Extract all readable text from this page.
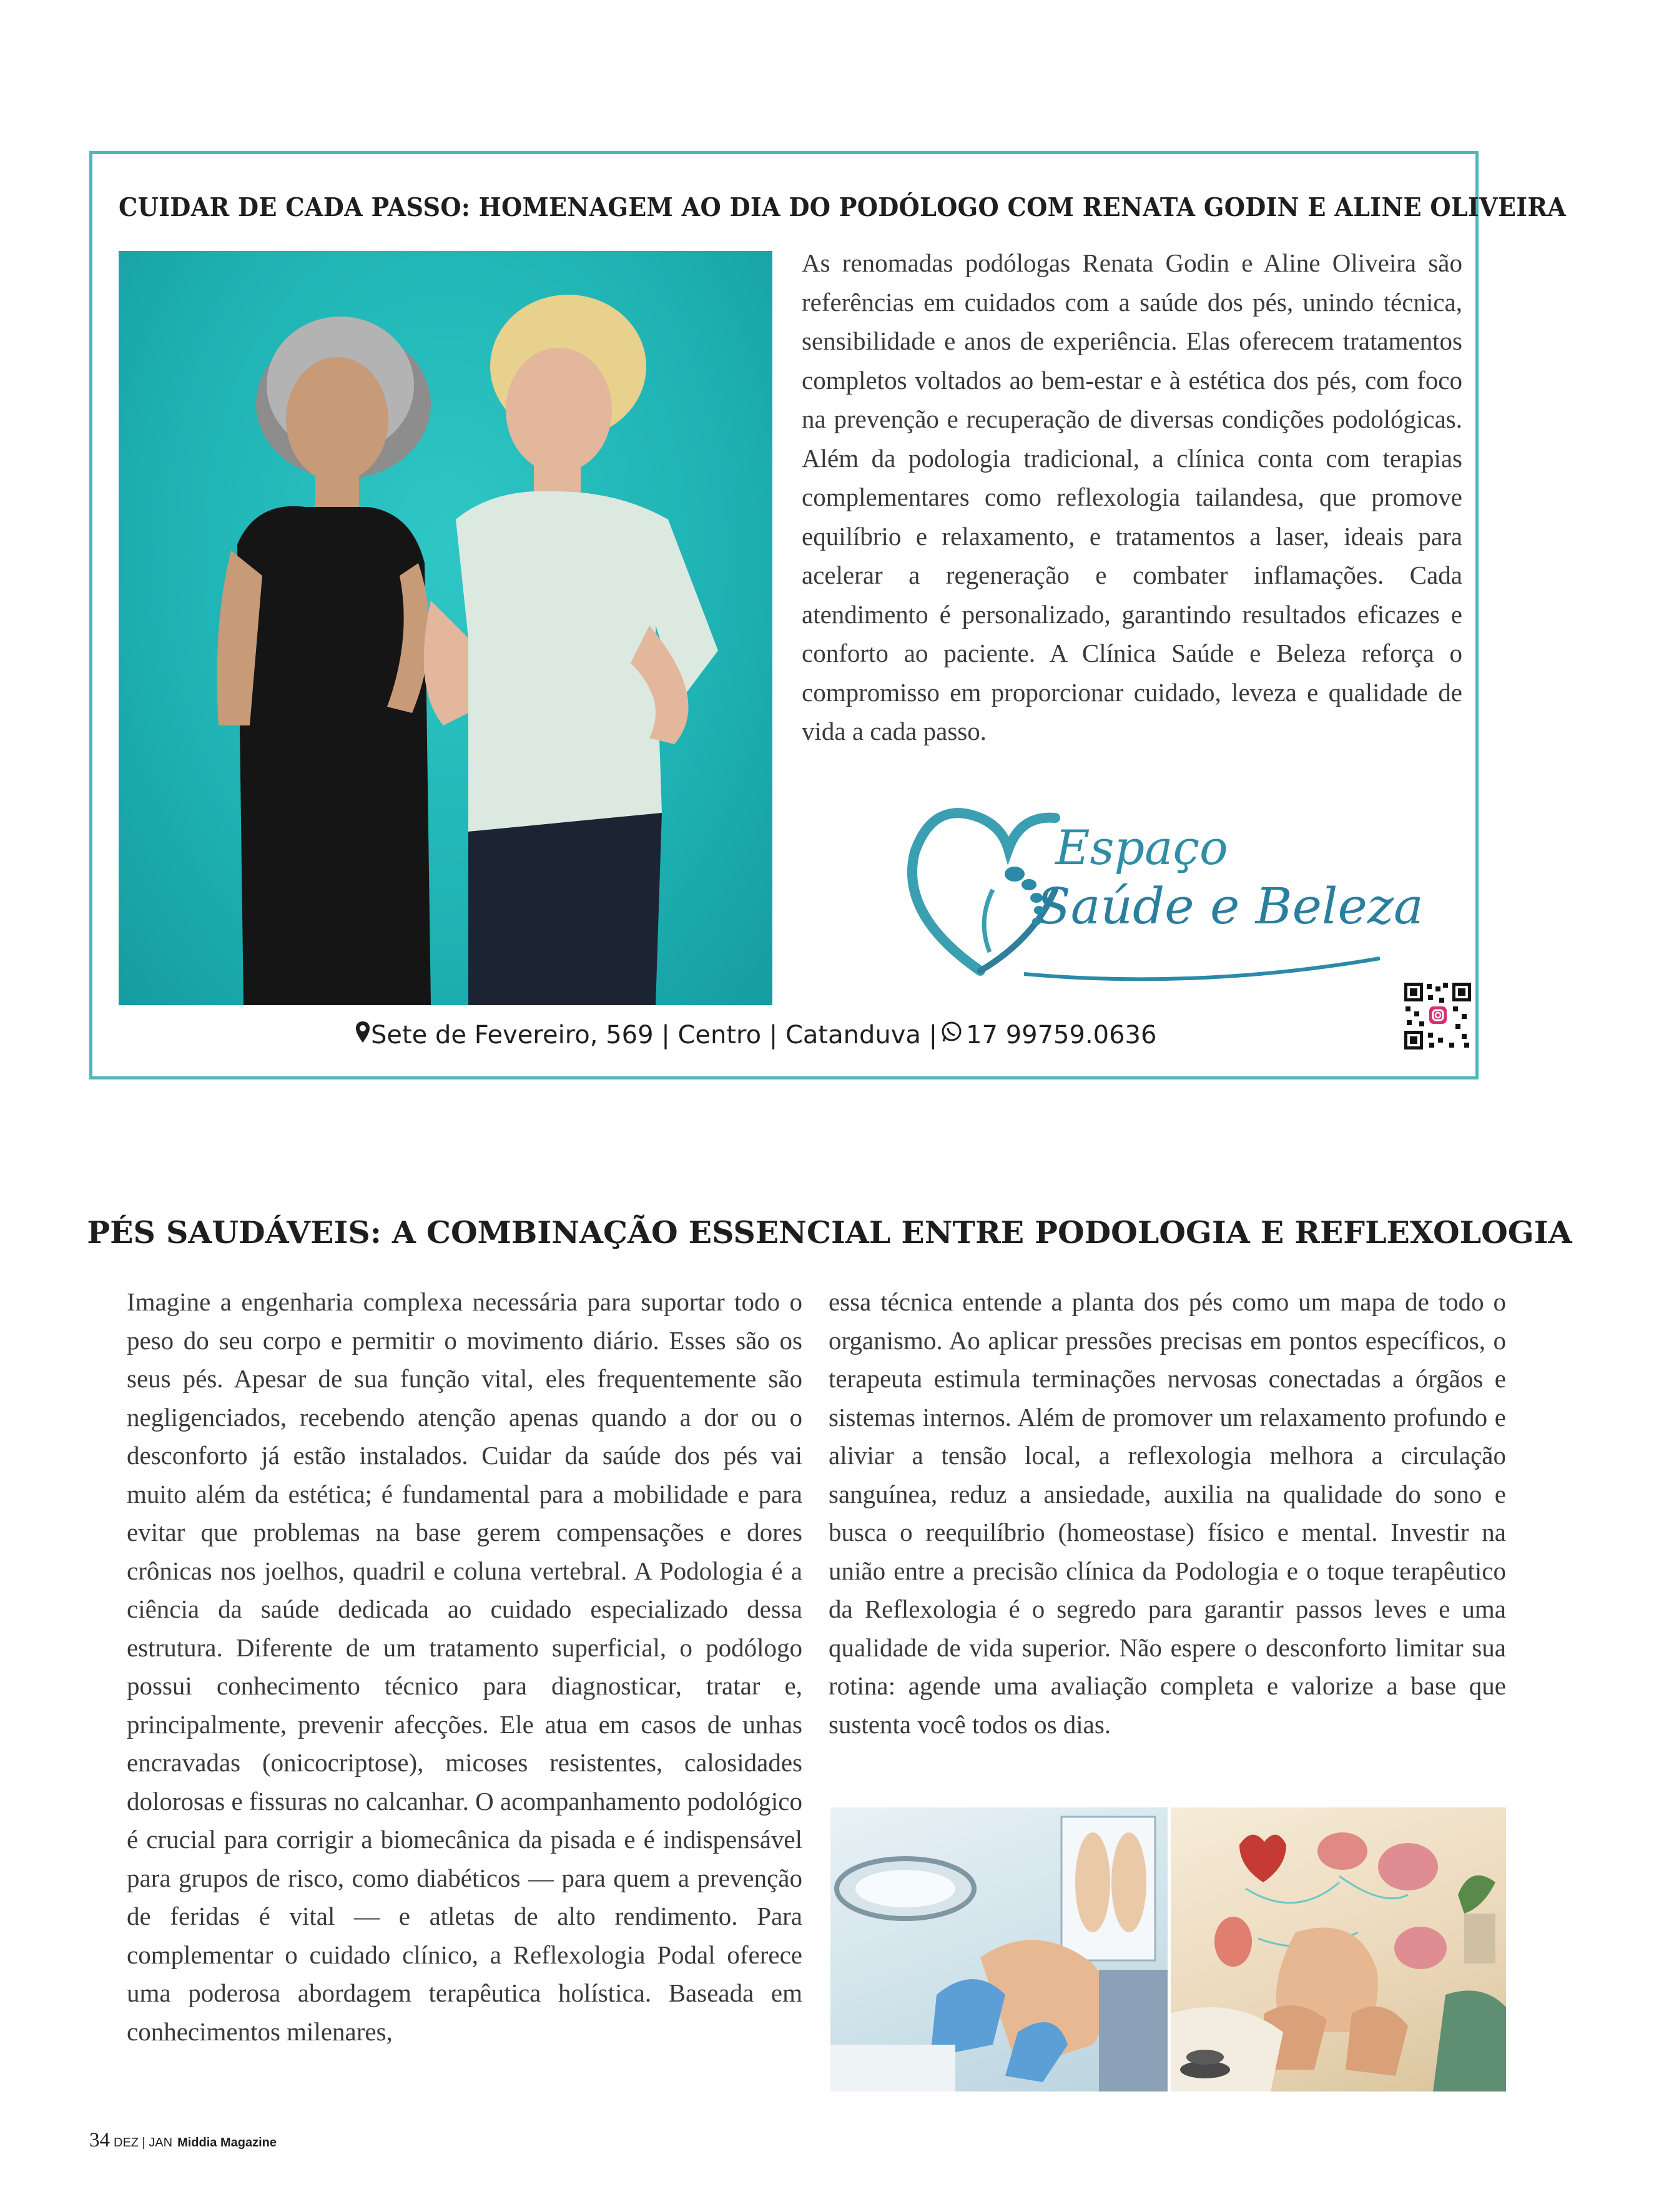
CUIDAR DE CADA PASSO: HOMENAGEM AO DIA DO PODÓLOGO COM RENATA GODIN E ALINE OLIVEIRA

As renomadas podólogas Renata Godin e Aline Oliveira são referências em cuidados com a saúde dos pés, unindo técnica, sensibilidade e anos de experiência. Elas oferecem tratamentos completos voltados ao bem-estar e à estética dos pés, com foco na prevenção e recuperação de diversas condições podológicas. Além da podologia tradicional, a clínica conta com terapias complementares como reflexologia tailandesa, que promove equilíbrio e relaxamento, e tratamentos a laser, ideais para acelerar a regeneração e combater inflamações. Cada atendimento é personalizado, garantindo resultados eficazes e conforto ao paciente. A Clínica Saúde e Beleza reforça o compromisso em proporcionar cuidado, leveza e qualidade de vida a cada passo.

Espaço
Saúde e Beleza
Sete de Fevereiro, 569 | Centro | Catanduva | 17 99759.0636
PÉS SAUDÁVEIS: A COMBINAÇÃO ESSENCIAL ENTRE PODOLOGIA E REFLEXOLOGIA

Imagine a engenharia complexa necessária para suportar todo o peso do seu corpo e permitir o movimento diário. Esses são os seus pés. Apesar de sua função vital, eles frequentemente são negligenciados, recebendo atenção apenas quando a dor ou o desconforto já estão instalados. Cuidar da saúde dos pés vai muito além da estética; é fundamental para a mobilidade e para evitar que problemas na base gerem compensações e dores crônicas nos joelhos, quadril e coluna vertebral. A Podologia é a ciência da saúde dedicada ao cuidado especializado dessa estrutura. Diferente de um tratamento superficial, o podólogo possui conhecimento técnico para diagnosticar, tratar e, principalmente, prevenir afecções. Ele atua em casos de unhas encravadas (onicocriptose), micoses resistentes, calosidades dolorosas e fissuras no calcanhar. O acompanhamento podológico é crucial para corrigir a biomecânica da pisada e é indispensável para grupos de risco, como diabéticos — para quem a prevenção de feridas é vital — e atletas de alto rendimento. Para complementar o cuidado clínico, a Reflexologia Podal oferece uma poderosa abordagem terapêutica holística. Baseada em conhecimentos milenares,

essa técnica entende a planta dos pés como um mapa de todo o organismo. Ao aplicar pressões precisas em pontos específicos, o terapeuta estimula terminações nervosas conectadas a órgãos e sistemas internos. Além de promover um relaxamento profundo e aliviar a tensão local, a reflexologia melhora a circulação sanguínea, reduz a ansiedade, auxilia na qualidade do sono e busca o reequilíbrio (homeostase) físico e mental. Investir na união entre a precisão clínica da Podologia e o toque terapêutico da Reflexologia é o segredo para garantir passos leves e uma qualidade de vida superior. Não espere o desconforto limitar sua rotina: agende uma avaliação completa e valorize a base que sustenta você todos os dias.

34 DEZ | JAN Middia Magazine
